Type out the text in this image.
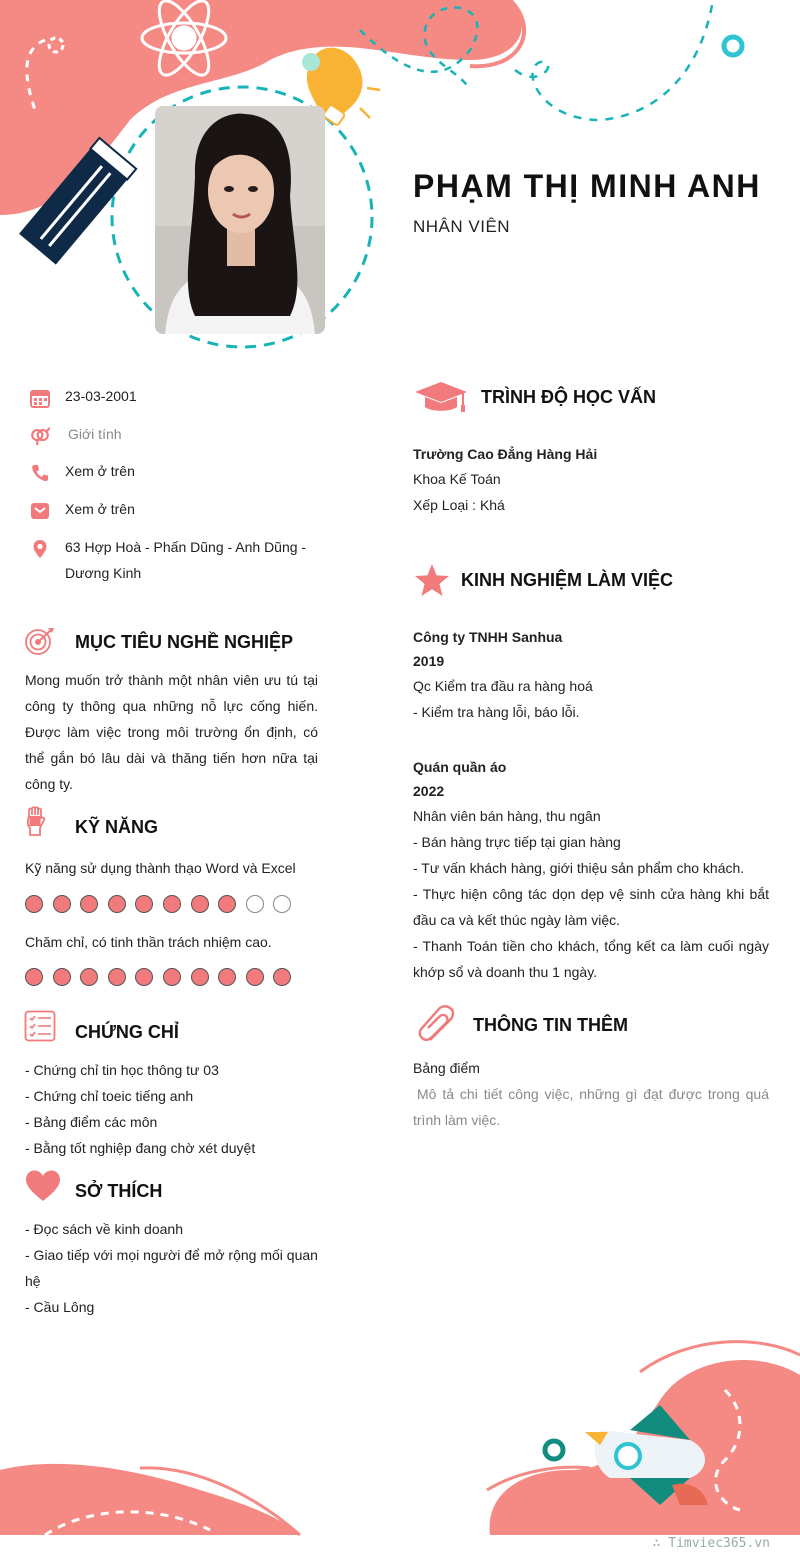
PHẠM THỊ MINH ANH
NHÂN VIÊN
23-03-2001
Giới tính
Xem ở trên
Xem ở trên
63 Hợp Hoà - Phấn Dũng - Anh Dũng - Dương Kinh
MỤC TIÊU NGHỀ NGHIỆP
Mong muốn trở thành một nhân viên ưu tú tại công ty thông qua những nỗ lực cống hiến. Được làm việc trong môi trường ổn định, có thể gắn bó lâu dài và thăng tiến hơn nữa tại công ty.
KỸ NĂNG
Kỹ năng sử dụng thành thạo Word và Excel
Chăm chỉ, có tinh thần trách nhiệm cao.
CHỨNG CHỈ
- Chứng chỉ tin học thông tư 03
- Chứng chỉ toeic tiếng anh
- Bảng điểm các môn
- Bằng tốt nghiệp đang chờ xét duyệt
SỞ THÍCH
- Đọc sách về kinh doanh
- Giao tiếp với mọi người để mở rộng mối quan hệ
- Cầu Lông
TRÌNH ĐỘ HỌC VẤN
Trường Cao Đẳng Hàng Hải
Khoa Kế Toán
Xếp Loại : Khá
KINH NGHIỆM LÀM VIỆC
Công ty TNHH Sanhua
2019
Qc Kiểm tra đầu ra hàng hoá
- Kiểm tra hàng lỗi, báo lỗi.
Quán quần áo
2022
Nhân viên bán hàng, thu ngân
- Bán hàng trực tiếp tại gian hàng
- Tư vấn khách hàng, giới thiệu sản phẩm cho khách.
- Thực hiện công tác dọn dẹp vệ sinh cửa hàng khi bắt đầu ca và kết thúc ngày làm việc.
- Thanh Toán tiền cho khách, tổng kết ca làm cuối ngày khớp sổ và doanh thu 1 ngày.
THÔNG TIN THÊM
Bảng điểm
Mô tả chi tiết công việc, những gì đạt được trong quá trình làm việc.
∴ Timviec365.vn
